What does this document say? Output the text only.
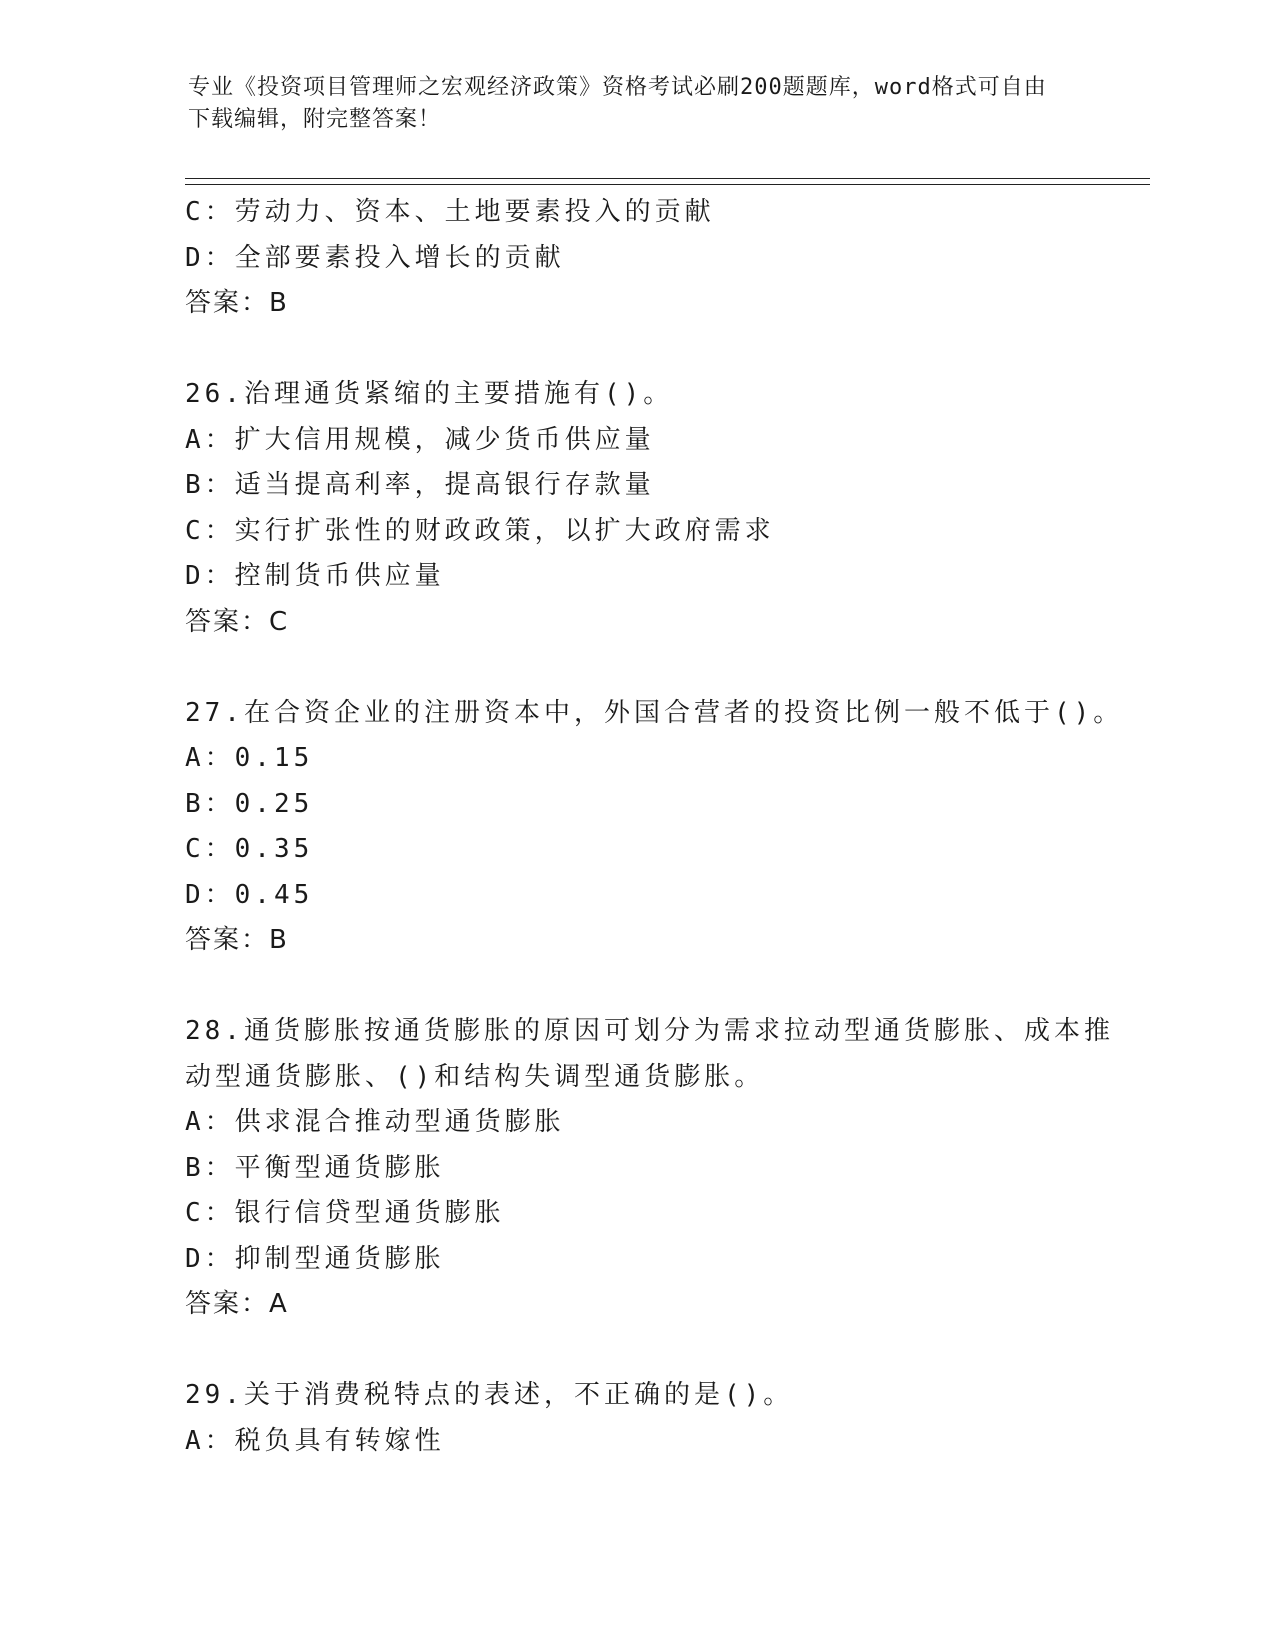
专业《投资项目管理师之宏观经济政策》资格考试必刷200题题库，word格式可自由下载编辑，附完整答案！
C：劳动力、资本、土地要素投入的贡献
D：全部要素投入增长的贡献
答案：B
26.治理通货紧缩的主要措施有()。
A：扩大信用规模，减少货币供应量
B：适当提高利率，提高银行存款量
C：实行扩张性的财政政策，以扩大政府需求
D：控制货币供应量
答案：C
27.在合资企业的注册资本中，外国合营者的投资比例一般不低于()。
A：0.15
B：0.25
C：0.35
D：0.45
答案：B
28.通货膨胀按通货膨胀的原因可划分为需求拉动型通货膨胀、成本推
动型通货膨胀、()和结构失调型通货膨胀。
A：供求混合推动型通货膨胀
B：平衡型通货膨胀
C：银行信贷型通货膨胀
D：抑制型通货膨胀
答案：A
29.关于消费税特点的表述，不正确的是()。
A：税负具有转嫁性
